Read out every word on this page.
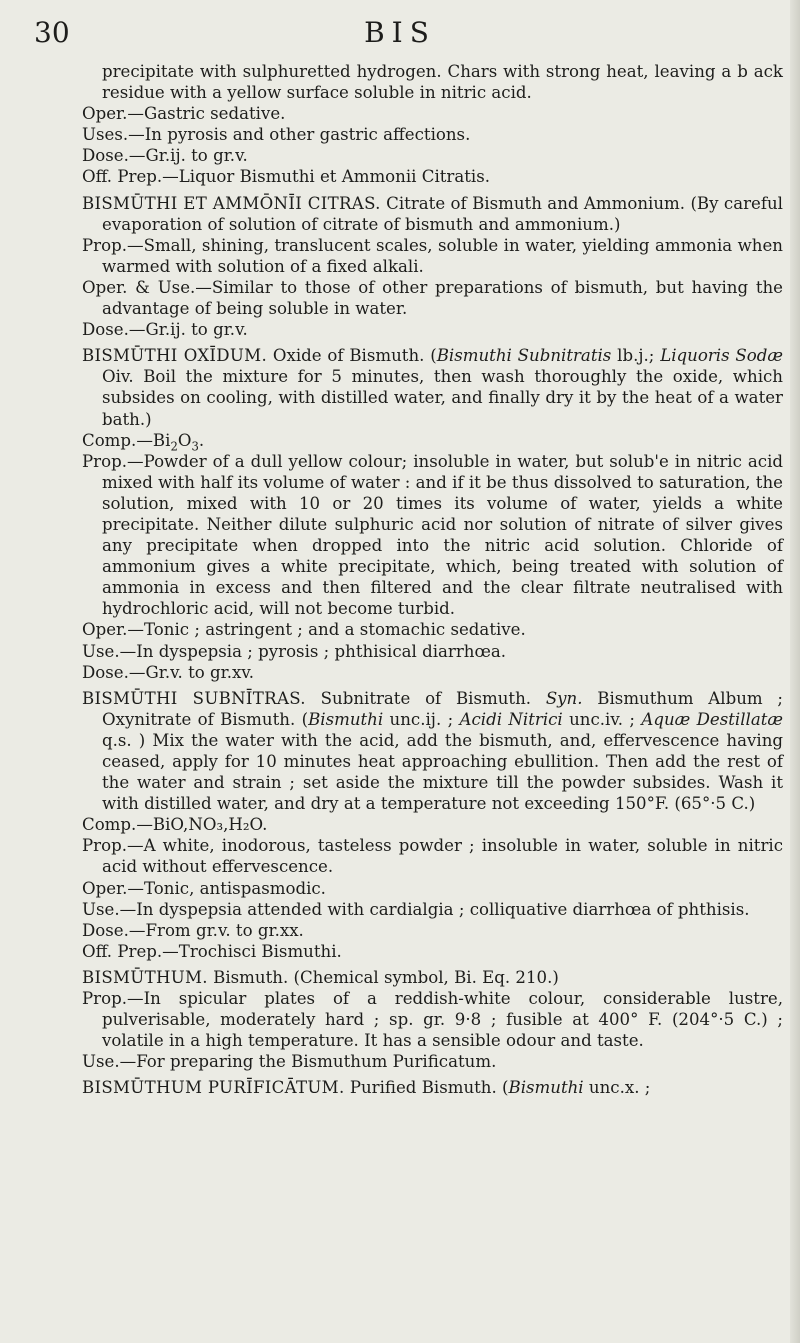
30	BIS

precipitate with sulphuretted hydrogen. Chars with strong heat, leaving a b ack residue with a yellow surface soluble in nitric acid.

Oper.—Gastric sedative.

Uses.—In pyrosis and other gastric affections.

Dose.—Gr.ij. to gr.v.

Off. Prep.—Liquor Bismuthi et Ammonii Citratis.

BISMŪTHI ET AMMŌNĪI CITRAS. Citrate of Bismuth and Ammonium. (By careful evaporation of solution of citrate of bismuth and ammonium.)

Prop.—Small, shining, translucent scales, soluble in water, yielding ammonia when warmed with solution of a fixed alkali.

Oper. & Use.—Similar to those of other preparations of bismuth, but having the advantage of being soluble in water.

Dose.—Gr.ij. to gr.v.

BISMŪTHI OXĪDUM. Oxide of Bismuth. (Bismuthi Subnitratis lb.j.; Liquoris Sodæ Oiv. Boil the mixture for 5 minutes, then wash thoroughly the oxide, which subsides on cooling, with distilled water, and finally dry it by the heat of a water bath.)

$Comp.—Bi_2O_3$.

Prop.—Powder of a dull yellow colour; insoluble in water, but solub'e in nitric acid mixed with half its volume of water : and if it be thus dissolved to saturation, the solution, mixed with 10 or 20 times its volume of water, yields a white precipitate. Neither dilute sulphuric acid nor solution of nitrate of silver gives any precipitate when dropped into the nitric acid solution. Chloride of ammonium gives a white precipitate, which, being treated with solution of ammonia in excess and then filtered and the clear filtrate neutralised with hydrochloric acid, will not become turbid.

Oper.—Tonic ; astringent ; and a stomachic sedative.

Use.—In dyspepsia ; pyrosis ; phthisical diarrhœa.

Dose.—Gr.v. to gr.xv.

BISMŪTHI SUBNĪTRAS. Subnitrate of Bismuth. Syn. Bismuthum Album ; Oxynitrate of Bismuth. (Bismuthi unc.ij. ; Acidi Nitrici unc.iv. ; Aquæ Destillatæ q.s. ) Mix the water with the acid, add the bismuth, and, effervescence having ceased, apply for 10 minutes heat approaching ebullition. Then add the rest of the water and strain ; set aside the mixture till the powder subsides. Wash it with distilled water, and dry at a temperature not exceeding 150°F. (65°·5 C.)

Comp.—BiO,NO₃,H₂O.

Prop.—A white, inodorous, tasteless powder ; insoluble in water, soluble in nitric acid without effervescence.

Oper.—Tonic, antispasmodic.

Use.—In dyspepsia attended with cardialgia ; colliquative diarrhœa of phthisis.

Dose.—From gr.v. to gr.xx.

Off. Prep.—Trochisci Bismuthi.

BISMŪTHUM. Bismuth. (Chemical symbol, Bi. Eq. 210.)

Prop.—In spicular plates of a reddish-white colour, considerable lustre, pulverisable, moderately hard ; sp. gr. 9·8 ; fusible at 400° F. (204°·5 C.) ; volatile in a high temperature. It has a sensible odour and taste.

Use.—For preparing the Bismuthum Purificatum.

BISMŪTHUM PURĪFICĀTUM. Purified Bismuth. (Bismuthi unc.x. ;
